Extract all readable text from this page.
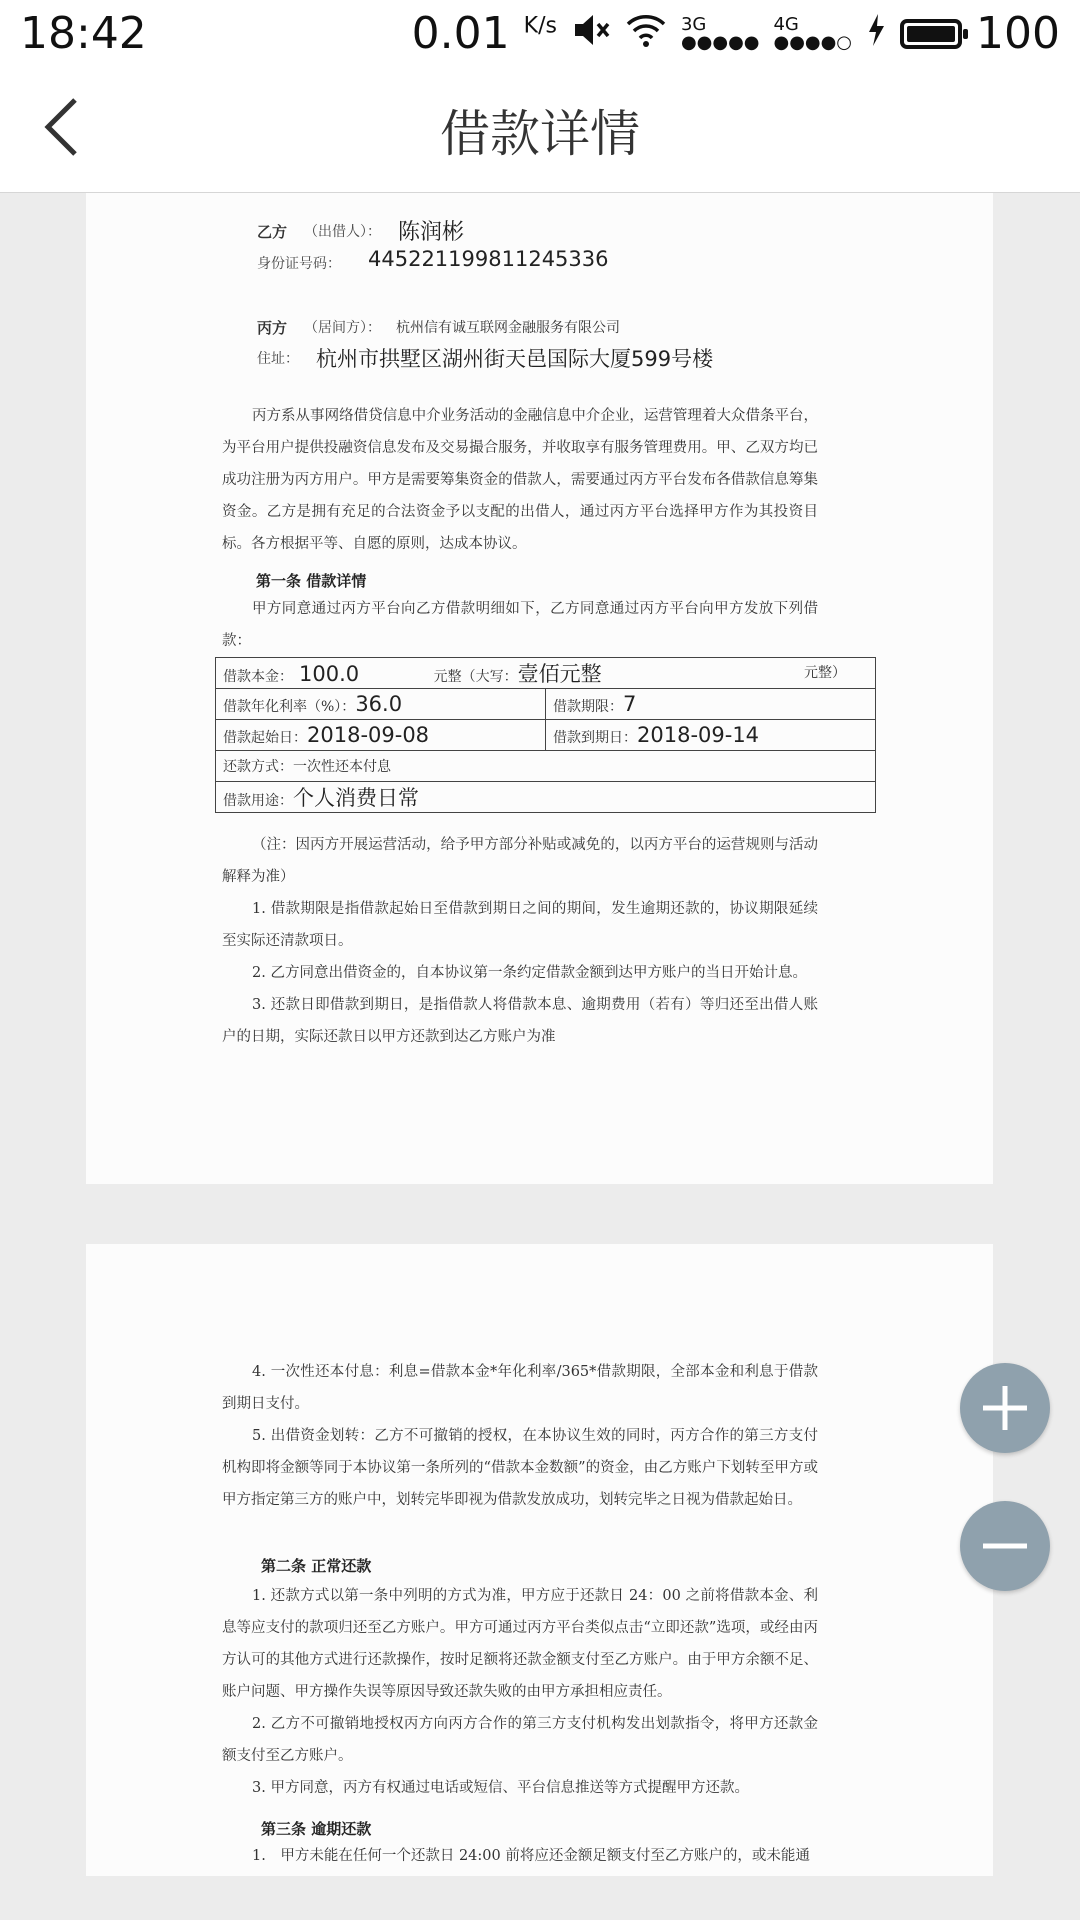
18:42	0.01 $^{K/s}$	3G
●●●●●
4G
●●●●○	100
借款详情
乙方 （出借人）： 陈润彬
身份证号码： 445221199811245336
丙方 （居间方）： 杭州信有诚互联网金融服务有限公司
住址： 杭州市拱墅区湖州街天邑国际大厦599号楼
丙方系从事网络借贷信息中介业务活动的金融信息中介企业，运营管理着大众借条平台，为平台用户提供投融资信息发布及交易撮合服务，并收取享有服务管理费用。甲、乙双方均已成功注册为丙方用户。甲方是需要筹集资金的借款人，需要通过丙方平台发布各借款信息筹集资金。乙方是拥有充足的合法资金予以支配的出借人，通过丙方平台选择甲方作为其投资目标。各方根据平等、自愿的原则，达成本协议。
第一条 借款详情
甲方同意通过丙方平台向乙方借款明细如下，乙方同意通过丙方平台向甲方发放下列借款：
借款本金： 100.0 元整（大写：壹佰元整 元整）	

借款年化利率（%）：36.0	借款期限：7
借款起始日：2018-09-08	借款到期日：2018-09-14
还款方式：一次性还本付息	
借款用途：个人消费日常	
（注：因丙方开展运营活动，给予甲方部分补贴或减免的，以丙方平台的运营规则与活动解释为准）
1. 借款期限是指借款起始日至借款到期日之间的期间，发生逾期还款的，协议期限延续至实际还清款项日。
2. 乙方同意出借资金的，自本协议第一条约定借款金额到达甲方账户的当日开始计息。
3. 还款日即借款到期日，是指借款人将借款本息、逾期费用（若有）等归还至出借人账户的日期，实际还款日以甲方还款到达乙方账户为准
4. 一次性还本付息：利息=借款本金*年化利率/365*借款期限，全部本金和利息于借款到期日支付。
5. 出借资金划转：乙方不可撤销的授权，在本协议生效的同时，丙方合作的第三方支付机构即将金额等同于本协议第一条所列的“借款本金数额”的资金，由乙方账户下划转至甲方或甲方指定第三方的账户中，划转完毕即视为借款发放成功，划转完毕之日视为借款起始日。
第二条 正常还款
1. 还款方式以第一条中列明的方式为准，甲方应于还款日 24：00 之前将借款本金、利息等应支付的款项归还至乙方账户。甲方可通过丙方平台类似点击“立即还款”选项，或经由丙方认可的其他方式进行还款操作，按时足额将还款金额支付至乙方账户。由于甲方余额不足、账户问题、甲方操作失误等原因导致还款失败的由甲方承担相应责任。
2. 乙方不可撤销地授权丙方向丙方合作的第三方支付机构发出划款指令，将甲方还款金额支付至乙方账户。
3. 甲方同意，丙方有权通过电话或短信、平台信息推送等方式提醒甲方还款。
第三条 逾期还款
1.　甲方未能在任何一个还款日 24:00 前将应还金额足额支付至乙方账户的，或未能通
